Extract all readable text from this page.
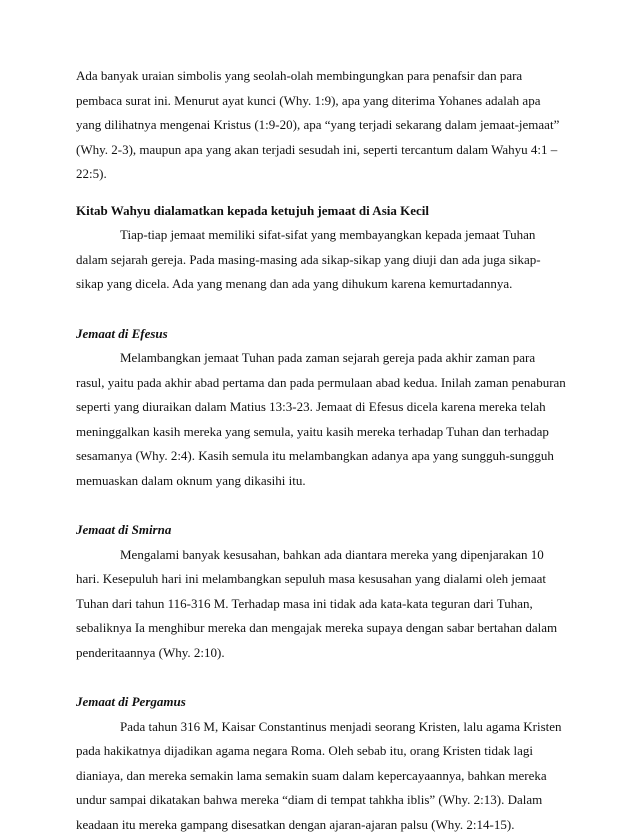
Ada banyak uraian simbolis yang seolah-olah membingungkan para penafsir dan para pembaca surat ini. Menurut ayat kunci (Why. 1:9), apa yang diterima Yohanes adalah apa yang dilihatnya mengenai Kristus (1:9-20), apa “yang terjadi sekarang dalam jemaat-jemaat” (Why. 2-3), maupun apa yang akan terjadi sesudah ini, seperti tercantum dalam Wahyu 4:1 – 22:5).

Kitab Wahyu dialamatkan kepada ketujuh jemaat di Asia Kecil

Tiap-tiap jemaat memiliki sifat-sifat yang membayangkan kepada jemaat Tuhan dalam sejarah gereja. Pada masing-masing ada sikap-sikap yang diuji dan ada juga sikap-sikap yang dicela. Ada yang menang dan ada yang dihukum karena kemurtadannya.

Jemaat di Efesus

Melambangkan jemaat Tuhan pada zaman sejarah gereja pada akhir zaman para rasul, yaitu pada akhir abad pertama dan pada permulaan abad kedua. Inilah zaman penaburan seperti yang diuraikan dalam Matius 13:3-23. Jemaat di Efesus dicela karena mereka telah meninggalkan kasih mereka yang semula, yaitu kasih mereka terhadap Tuhan dan terhadap sesamanya (Why. 2:4). Kasih semula itu melambangkan adanya apa yang sungguh-sungguh memuaskan dalam oknum yang dikasihi itu.

Jemaat di Smirna

Mengalami banyak kesusahan, bahkan ada diantara mereka yang dipenjarakan 10 hari. Kesepuluh hari ini melambangkan sepuluh masa kesusahan yang dialami oleh jemaat Tuhan dari tahun 116-316 M. Terhadap masa ini tidak ada kata-kata teguran dari Tuhan, sebaliknya Ia menghibur mereka dan mengajak mereka supaya dengan sabar bertahan dalam penderitaannya (Why. 2:10).

Jemaat di Pergamus

Pada tahun 316 M, Kaisar Constantinus menjadi seorang Kristen, lalu agama Kristen pada hakikatnya dijadikan agama negara Roma. Oleh sebab itu, orang Kristen tidak lagi dianiaya, dan mereka semakin lama semakin suam dalam kepercayaannya, bahkan mereka undur sampai dikatakan bahwa mereka “diam di tempat tahkha iblis” (Why. 2:13). Dalam keadaan itu mereka gampang disesatkan dengan ajaran-ajaran palsu (Why. 2:14-15).
